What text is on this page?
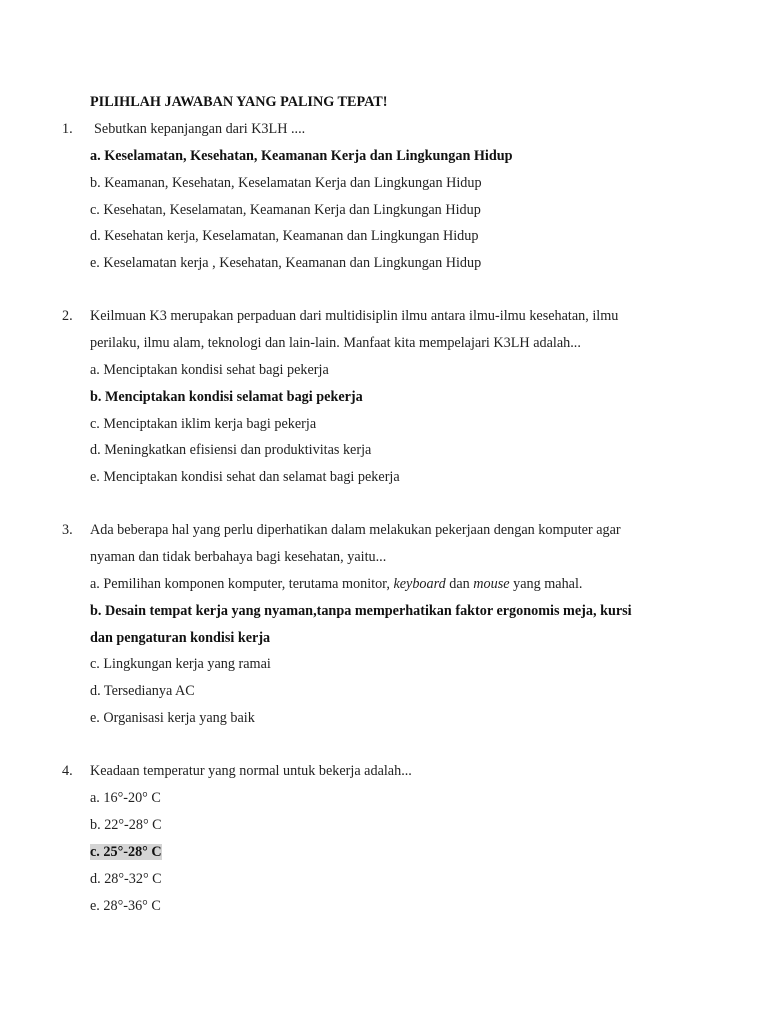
PILIHLAH JAWABAN YANG PALING TEPAT!
1. Sebutkan kepanjangan dari K3LH ....
a. Keselamatan, Kesehatan, Keamanan Kerja dan Lingkungan Hidup
b. Keamanan, Kesehatan, Keselamatan Kerja dan Lingkungan Hidup
c. Kesehatan, Keselamatan, Keamanan Kerja dan Lingkungan Hidup
d. Kesehatan kerja, Keselamatan, Keamanan dan Lingkungan Hidup
e. Keselamatan kerja , Kesehatan, Keamanan dan Lingkungan Hidup
2. Keilmuan K3 merupakan perpaduan dari multidisiplin ilmu antara ilmu-ilmu kesehatan, ilmu
perilaku, ilmu alam, teknologi dan lain-lain. Manfaat kita mempelajari K3LH adalah...
a. Menciptakan kondisi sehat bagi pekerja
b. Menciptakan kondisi selamat bagi pekerja
c. Menciptakan iklim kerja bagi pekerja
d. Meningkatkan efisiensi dan produktivitas kerja
e. Menciptakan kondisi sehat dan selamat bagi pekerja
3. Ada beberapa hal yang perlu diperhatikan dalam melakukan pekerjaan dengan komputer agar
nyaman dan tidak berbahaya bagi kesehatan, yaitu...
a. Pemilihan komponen komputer, terutama monitor, keyboard dan mouse yang mahal.
b. Desain tempat kerja yang nyaman,tanpa memperhatikan faktor ergonomis meja, kursi
dan pengaturan kondisi kerja
c. Lingkungan kerja yang ramai
d. Tersedianya AC
e. Organisasi kerja yang baik
4. Keadaan temperatur yang normal untuk bekerja adalah...
a. 16°-20° C
b. 22°-28° C
c. 25°-28° C
d. 28°-32° C
e. 28°-36° C
